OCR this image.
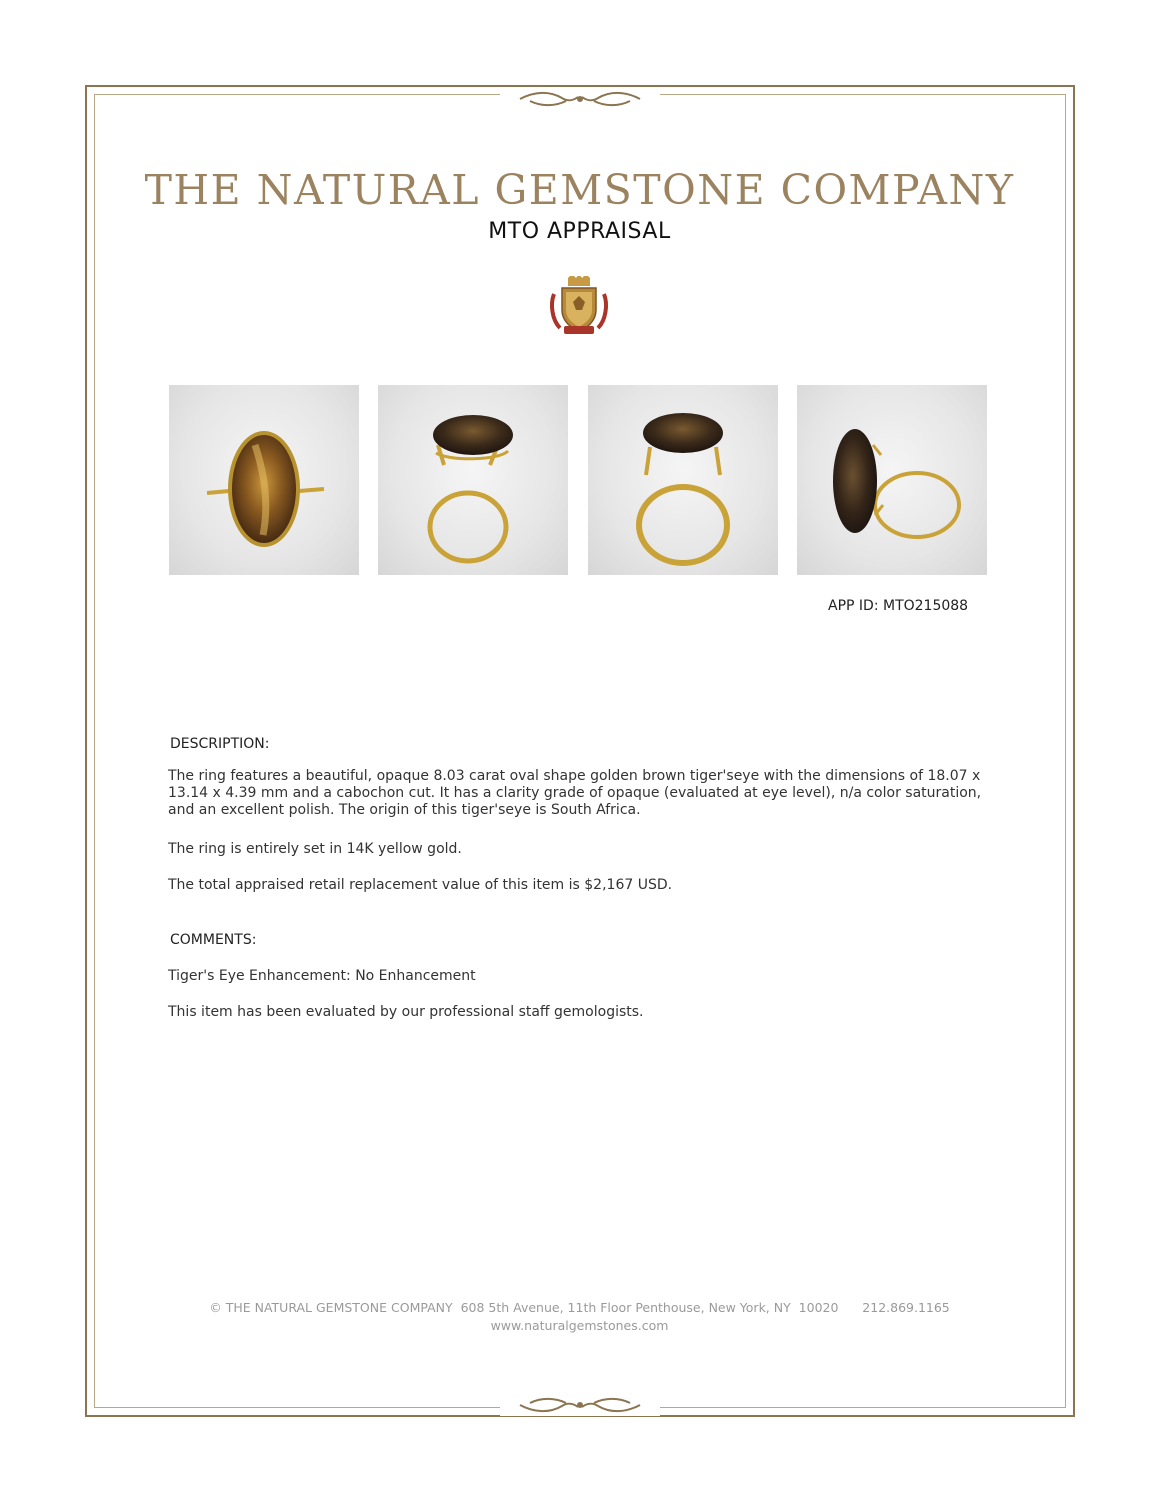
THE NATURAL GEMSTONE COMPANY
MTO APPRAISAL
APP ID: MTO215088
DESCRIPTION:
The ring features a beautiful, opaque 8.03 carat oval shape golden brown tiger'seye with the dimensions of 18.07 x 13.14 x 4.39 mm and a cabochon cut. It has a clarity grade of opaque (evaluated at eye level), n/a color saturation, and an excellent polish. The origin of this tiger'seye is South Africa.
The ring is entirely set in 14K yellow gold.
The total appraised retail replacement value of this item is $2,167 USD.
COMMENTS:
Tiger's Eye Enhancement: No Enhancement
This item has been evaluated by our professional staff gemologists.
© THE NATURAL GEMSTONE COMPANY  608 5th Avenue, 11th Floor Penthouse, New York, NY  10020      212.869.1165
www.naturalgemstones.com
